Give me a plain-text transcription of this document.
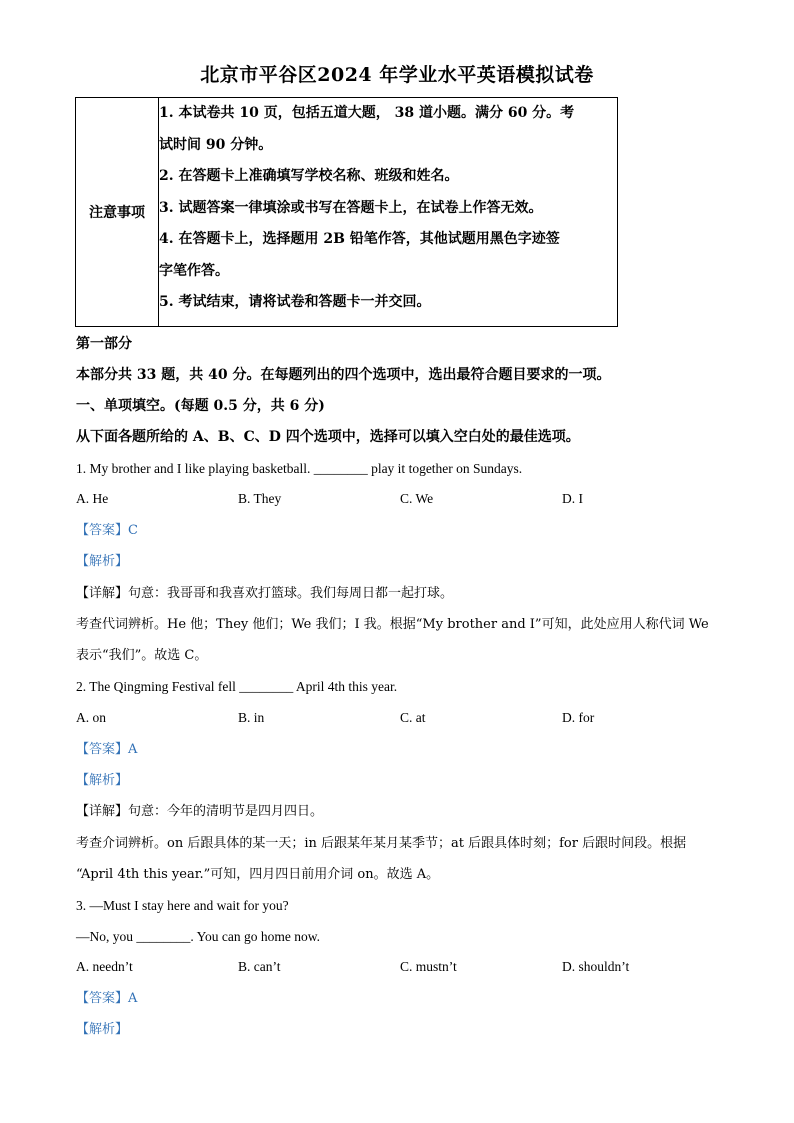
北京市平谷区2024 年学业水平英语模拟试卷
注意事项	
1. 本试卷共 10 页，包括五道大题， 38 道小题。满分 60 分。考
试时间 90 分钟。
2. 在答题卡上准确填写学校名称、班级和姓名。
3. 试题答案一律填涂或书写在答题卡上，在试卷上作答无效。
4. 在答题卡上，选择题用 2B 铅笔作答，其他试题用黑色字迹签
字笔作答。
5. 考试结束，请将试卷和答题卡一并交回。
第一部分
本部分共 33 题，共 40 分。在每题列出的四个选项中，选出最符合题目要求的一项。
一、单项填空。(每题 0.5 分，共 6 分)
从下面各题所给的 A、B、C、D 四个选项中，选择可以填入空白处的最佳选项。
1. My brother and I like playing basketball. ________ play it together on Sundays.
A. He	B. They	C. We	D. I
【答案】C
【解析】
【详解】句意：我哥哥和我喜欢打篮球。我们每周日都一起打球。
考查代词辨析。He 他；They 他们；We 我们；I 我。根据“My brother and I”可知，此处应用人称代词 We
表示“我们”。故选 C。
2. The Qingming Festival fell ________ April 4th this year.
A. on	B. in	C. at	D. for
【答案】A
【解析】
【详解】句意：今年的清明节是四月四日。
考查介词辨析。on 后跟具体的某一天；in 后跟某年某月某季节；at 后跟具体时刻；for 后跟时间段。根据
“April 4th this year.”可知，四月四日前用介词 on。故选 A。
3. —Must I stay here and wait for you?
—No, you ________. You can go home now.
A. needn’t	B. can’t	C. mustn’t	D. shouldn’t
【答案】A
【解析】
